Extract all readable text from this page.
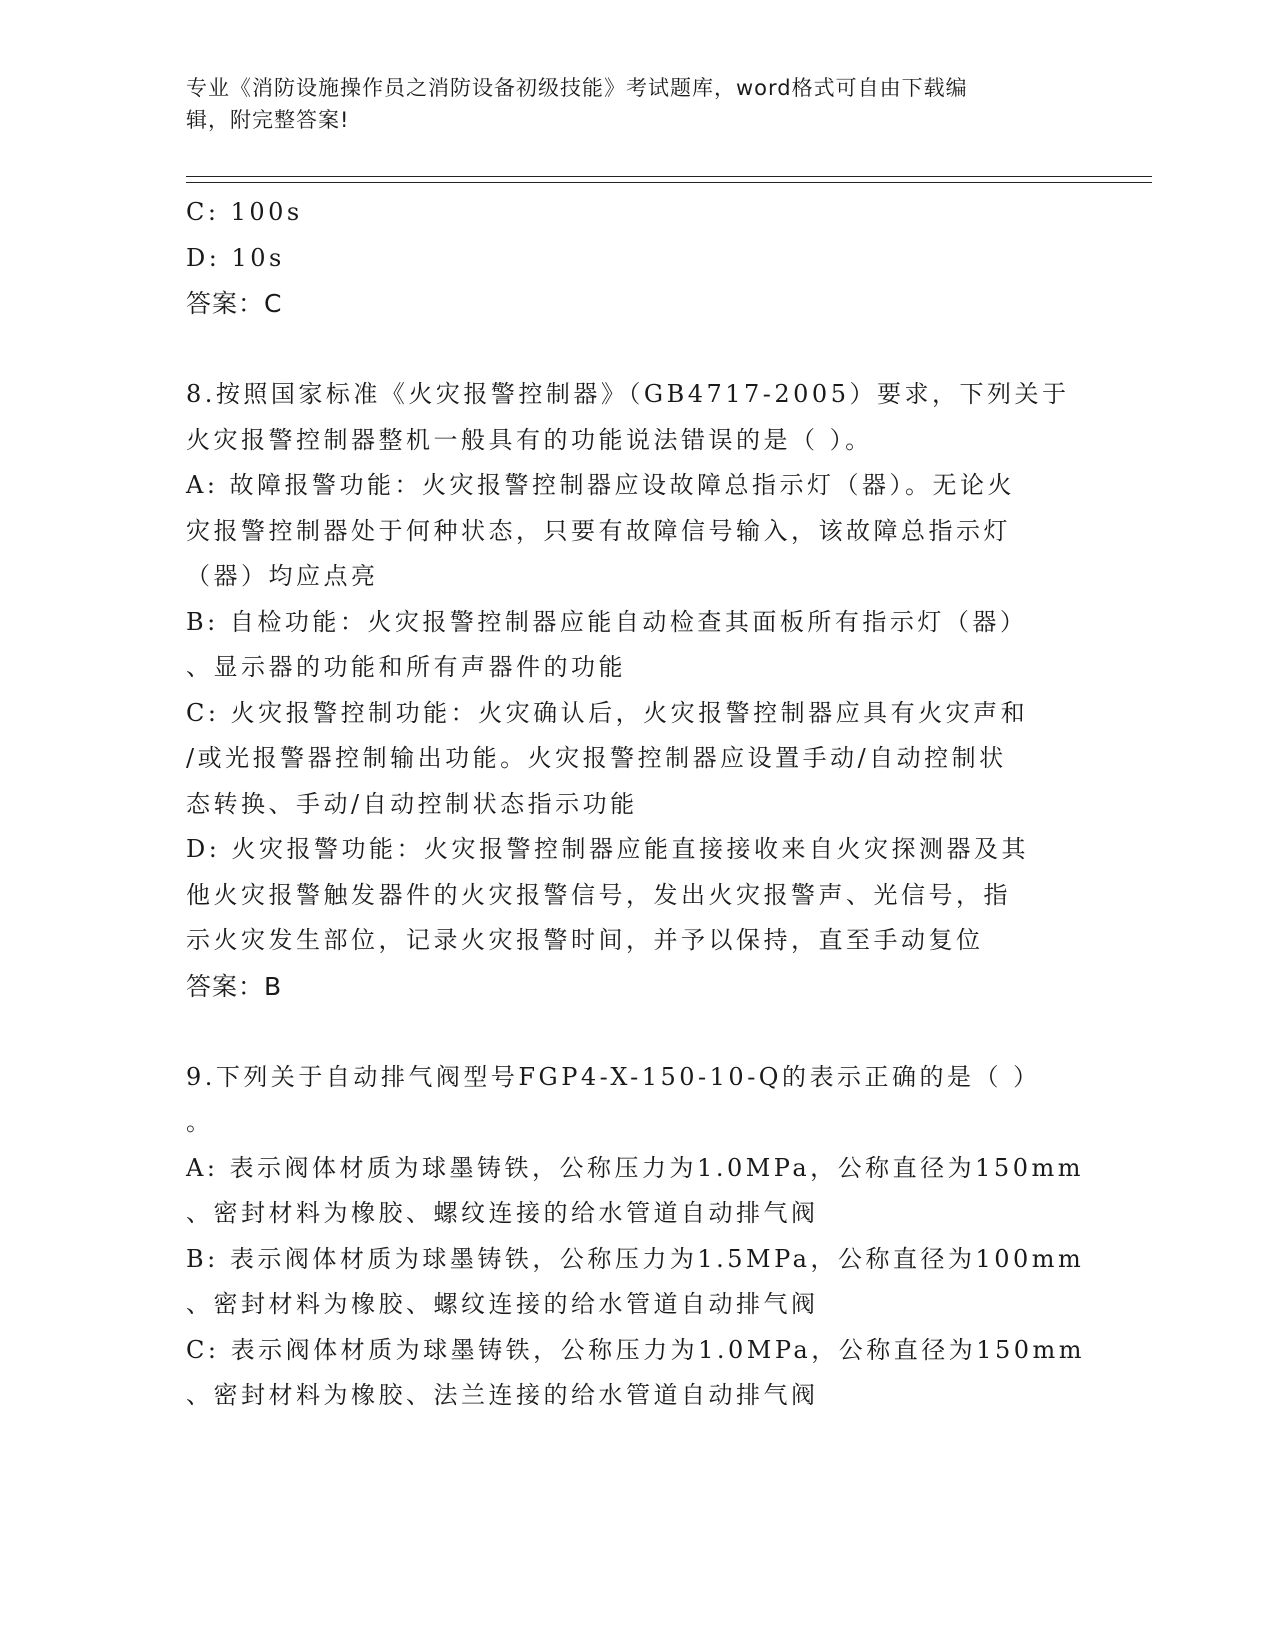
专业《消防设施操作员之消防设备初级技能》考试题库，word格式可自由下载编
辑，附完整答案!

C: 100s

D: 10s

答案：C

8.按照国家标准《火灾报警控制器》（GB4717-2005）要求，下列关于

火灾报警控制器整机一般具有的功能说法错误的是（ ）。

A: 故障报警功能：火灾报警控制器应设故障总指示灯（器）。无论火

灾报警控制器处于何种状态，只要有故障信号输入，该故障总指示灯

（器）均应点亮

B: 自检功能：火灾报警控制器应能自动检查其面板所有指示灯（器）

、显示器的功能和所有声器件的功能

C: 火灾报警控制功能：火灾确认后，火灾报警控制器应具有火灾声和

/或光报警器控制输出功能。火灾报警控制器应设置手动/自动控制状

态转换、手动/自动控制状态指示功能

D: 火灾报警功能：火灾报警控制器应能直接接收来自火灾探测器及其

他火灾报警触发器件的火灾报警信号，发出火灾报警声、光信号，指

示火灾发生部位，记录火灾报警时间，并予以保持，直至手动复位

答案：B

9.下列关于自动排气阀型号FGP4-X-150-10-Q的表示正确的是（ ）

。

A: 表示阀体材质为球墨铸铁，公称压力为1.0MPa，公称直径为150mm

、密封材料为橡胶、螺纹连接的给水管道自动排气阀

B: 表示阀体材质为球墨铸铁，公称压力为1.5MPa，公称直径为100mm

、密封材料为橡胶、螺纹连接的给水管道自动排气阀

C: 表示阀体材质为球墨铸铁，公称压力为1.0MPa，公称直径为150mm

、密封材料为橡胶、法兰连接的给水管道自动排气阀
